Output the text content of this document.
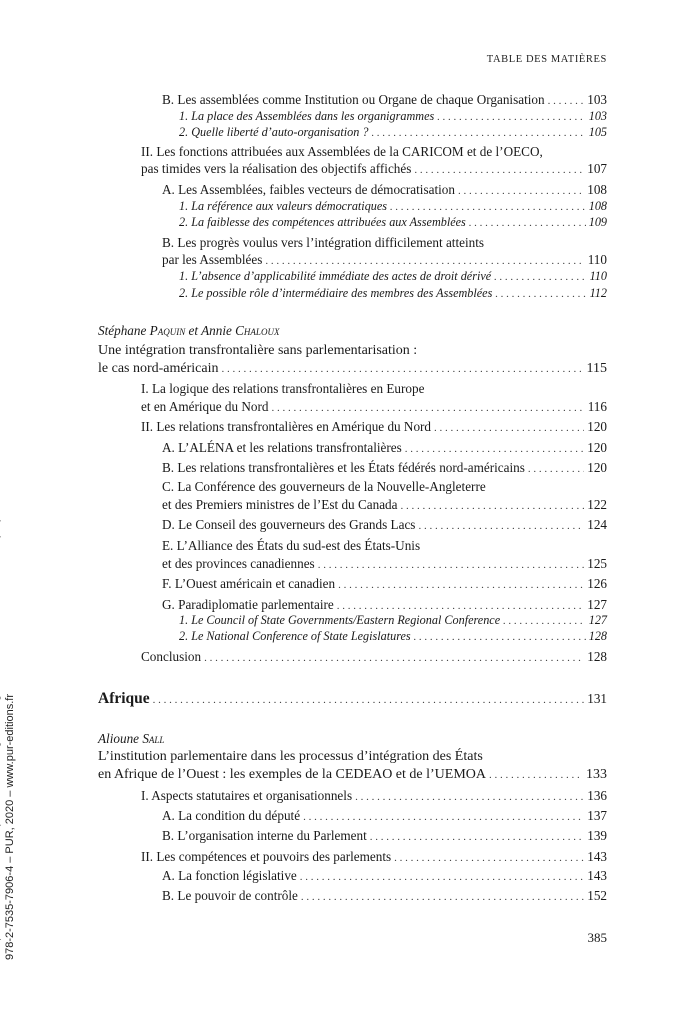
TABLE DES MATIÈRES
B. Les assemblées comme Institution ou Organe de chaque Organisation . . .	103
1. La place des Assemblées dans les organigrammes . . .	103
2. Quelle liberté d’auto-organisation ? . . .	105
II. Les fonctions attribuées aux Assemblées de la CARICOM et de l’OECO,
pas timides vers la réalisation des objectifs affichés . . .	107
A. Les Assemblées, faibles vecteurs de démocratisation . . .	108
1. La référence aux valeurs démocratiques . . .	108
2. La faiblesse des compétences attribuées aux Assemblées . . .	109
B. Les progrès voulus vers l’intégration difficilement atteints
par les Assemblées . . .	110
1. L’absence d’applicabilité immédiate des actes de droit dérivé . . .	110
2. Le possible rôle d’intermédiaire des membres des Assemblées . . .	112
Stéphane Paquin et Annie Chaloux
Une intégration transfrontalière sans parlementarisation :
le cas nord-américain . . .	115
I. La logique des relations transfrontalières en Europe
et en Amérique du Nord . . .	116
II. Les relations transfrontalières en Amérique du Nord . . .	120
A. L’ALÉNA et les relations transfrontalières . . .	120
B. Les relations transfrontalières et les États fédérés nord-américains . . .	120
C. La Conférence des gouverneurs de la Nouvelle-Angleterre
et des Premiers ministres de l’Est du Canada . . .	122
D. Le Conseil des gouverneurs des Grands Lacs . . .	124
E. L’Alliance des États du sud-est des États-Unis
et des provinces canadiennes . . .	125
F. L’Ouest américain et canadien . . .	126
G. Paradiplomatie parlementaire . . .	127
1. Le Council of State Governments/Eastern Regional Conference . . .	127
2. Le National Conference of State Legislatures . . .	128
Conclusion . . .	128
Afrique . . .	131
Alioune Sall
L’institution parlementaire dans les processus d’intégration des États
en Afrique de l’Ouest : les exemples de la CEDEAO et de l’UEMOA . . .	133
I. Aspects statutaires et organisationnels . . .	136
A. La condition du député . . .	137
B. L’organisation interne du Parlement . . .	139
II. Les compétences et pouvoirs des parlements . . .	143
A. La fonction législative . . .	143
B. Le pouvoir de contrôle . . .	152
385
978-2-7535-7906-4 – PUR, 2020 – www.pur-editions.fr
